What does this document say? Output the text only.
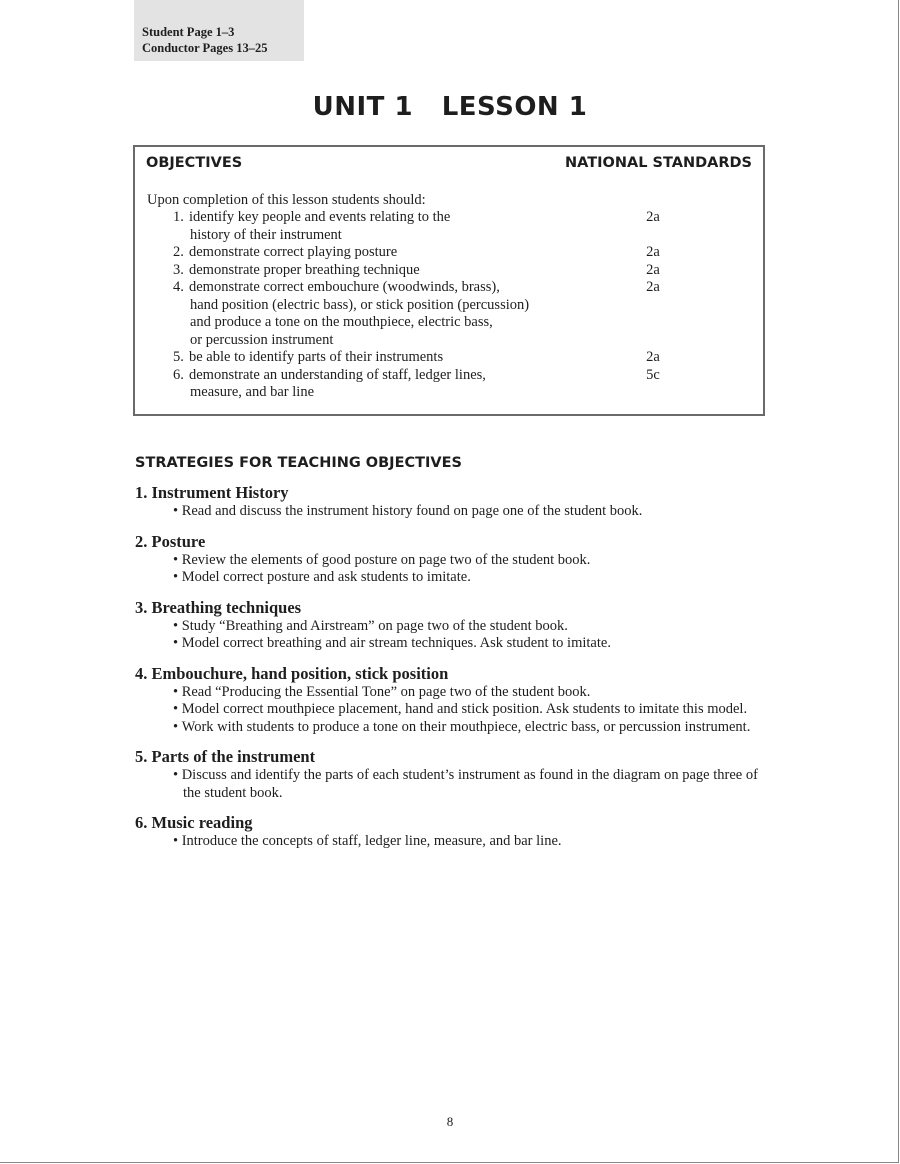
Student Page 1–3
Conductor Pages 13–25
UNIT 1   LESSON 1
OBJECTIVES	NATIONAL STANDARDS
Upon completion of this lesson students should:
1. identify key people and events relating to the	2a
history of their instrument
2. demonstrate correct playing posture	2a
3. demonstrate proper breathing technique	2a
4. demonstrate correct embouchure (woodwinds, brass),	2a
hand position (electric bass), or stick position (percussion)
and produce a tone on the mouthpiece, electric bass,
or percussion instrument
5. be able to identify parts of their instruments	2a
6. demonstrate an understanding of staff, ledger lines,	5c
measure, and bar line
STRATEGIES FOR TEACHING OBJECTIVES
1. Instrument History
• Read and discuss the instrument history found on page one of the student book.
2. Posture
• Review the elements of good posture on page two of the student book.
• Model correct posture and ask students to imitate.
3. Breathing techniques
• Study “Breathing and Airstream” on page two of the student book.
• Model correct breathing and air stream techniques. Ask student to imitate.
4. Embouchure, hand position, stick position
• Read “Producing the Essential Tone” on page two of the student book.
• Model correct mouthpiece placement, hand and stick position. Ask students to imitate this model.
• Work with students to produce a tone on their mouthpiece, electric bass, or percussion instrument.
5. Parts of the instrument
• Discuss and identify the parts of each student’s instrument as found in the diagram on page three of the student book.
6. Music reading
• Introduce the concepts of staff, ledger line, measure, and bar line.
8
